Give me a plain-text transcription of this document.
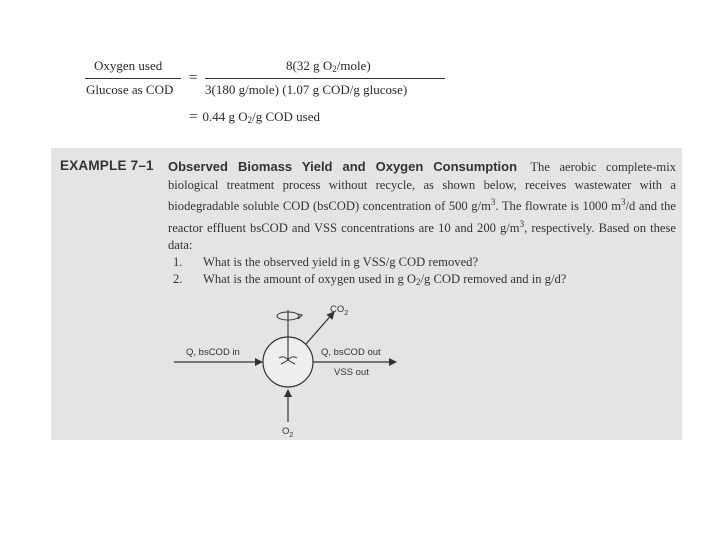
Oxygen used
Glucose as COD
=
8(32 g $O_2/mole$)
3(180 g/mole) (1.07 g COD/g glucose)
= 0.44 g $O_2/g$ COD used
EXAMPLE 7–1 Observed Biomass Yield and Oxygen Consumption The aerobic complete-mix biological treatment process without recycle, as shown below, receives wastewater with a biodegradable soluble COD (bsCOD) concentration of 500 $g/m^3$. The flowrate is 1000 $m^3/d$ and the reactor effluent bsCOD and VSS concentrations are 10 and 200 $g/m^3$, respectively. Based on these data:
1. What is the observed yield in g VSS/g COD removed?
2. What is the amount of oxygen used in g $O_2/g$ COD removed and in g/d?
Q, bsCOD in	Q, bsCOD out
VSS out
$CO_2$
$O_2$
